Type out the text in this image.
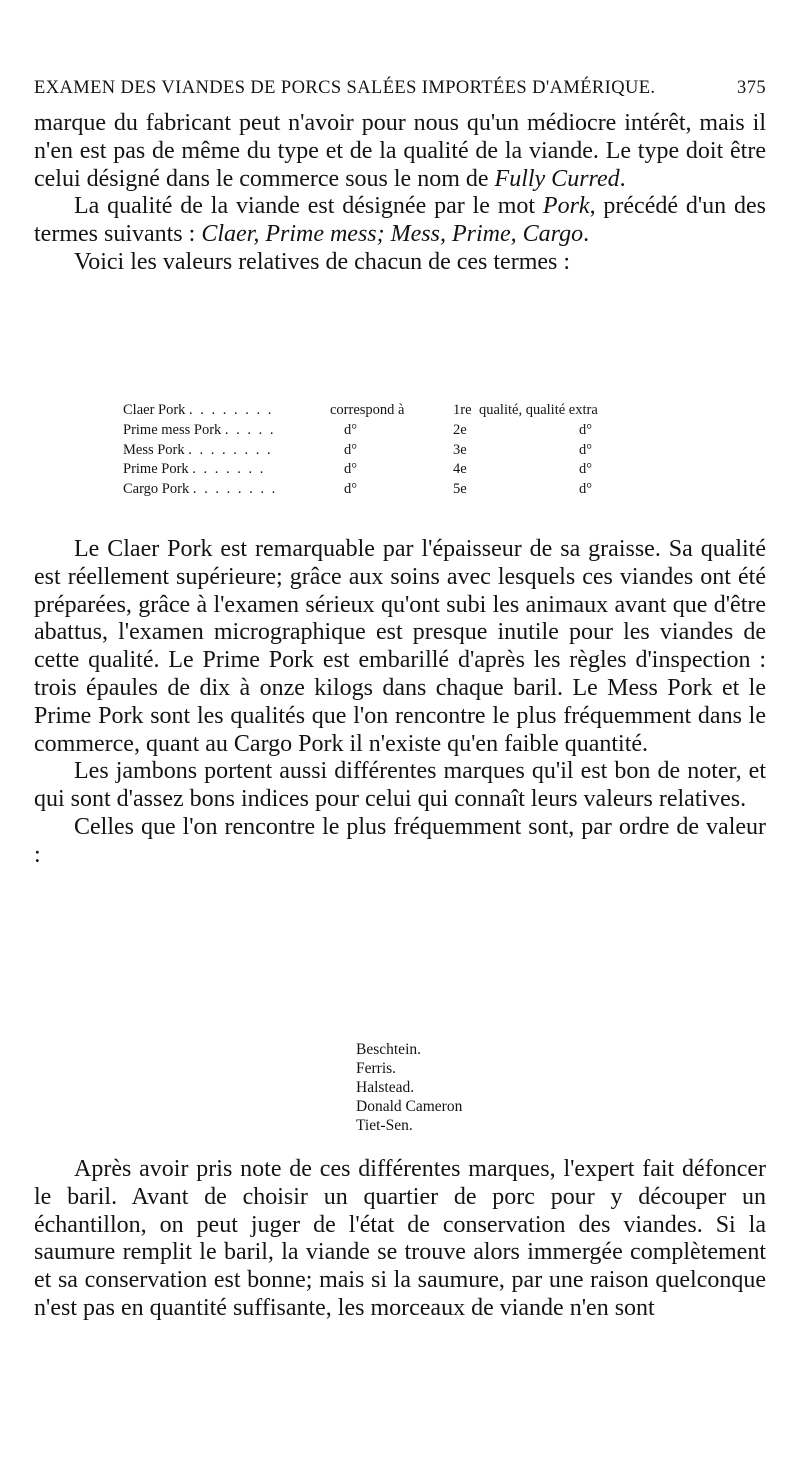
EXAMEN DES VIANDES DE PORCS SALÉES IMPORTÉES D'AMÉRIQUE.	375

marque du fabricant peut n'avoir pour nous qu'un médiocre intérêt, mais il n'en est pas de même du type et de la qualité de la viande. Le type doit être celui désigné dans le commerce sous le nom de Fully Curred.

La qualité de la viande est désignée par le mot Pork, précédé d'un des termes suivants : Claer, Prime mess; Mess, Prime, Cargo.

Voici les valeurs relatives de chacun de ces termes :

Claer Pork . . . . . . . .	correspond à	1re qualité, qualité extra
Prime mess Pork . . . . .	d°	2e	d°
Mess Pork . . . . . . . .	d°	3e	d°
Prime Pork . . . . . . .	d°	4e	d°
Cargo Pork . . . . . . . .	d°	5e	d°

Le Claer Pork est remarquable par l'épaisseur de sa graisse. Sa qualité est réellement supérieure; grâce aux soins avec lesquels ces viandes ont été préparées, grâce à l'examen sérieux qu'ont subi les animaux avant que d'être abattus, l'examen micrographique est presque inutile pour les viandes de cette qualité. Le Prime Pork est embarillé d'après les règles d'inspection : trois épaules de dix à onze kilogs dans chaque baril. Le Mess Pork et le Prime Pork sont les qualités que l'on rencontre le plus fréquemment dans le commerce, quant au Cargo Pork il n'existe qu'en faible quantité.

Les jambons portent aussi différentes marques qu'il est bon de noter, et qui sont d'assez bons indices pour celui qui connaît leurs valeurs relatives.

Celles que l'on rencontre le plus fréquemment sont, par ordre de valeur :

Beschtein.
Ferris.
Halstead.
Donald Cameron
Tiet-Sen.

Après avoir pris note de ces différentes marques, l'expert fait défoncer le baril. Avant de choisir un quartier de porc pour y découper un échantillon, on peut juger de l'état de conservation des viandes. Si la saumure remplit le baril, la viande se trouve alors immergée complètement et sa conservation est bonne; mais si la saumure, par une raison quelconque n'est pas en quantité suffisante, les morceaux de viande n'en sont
